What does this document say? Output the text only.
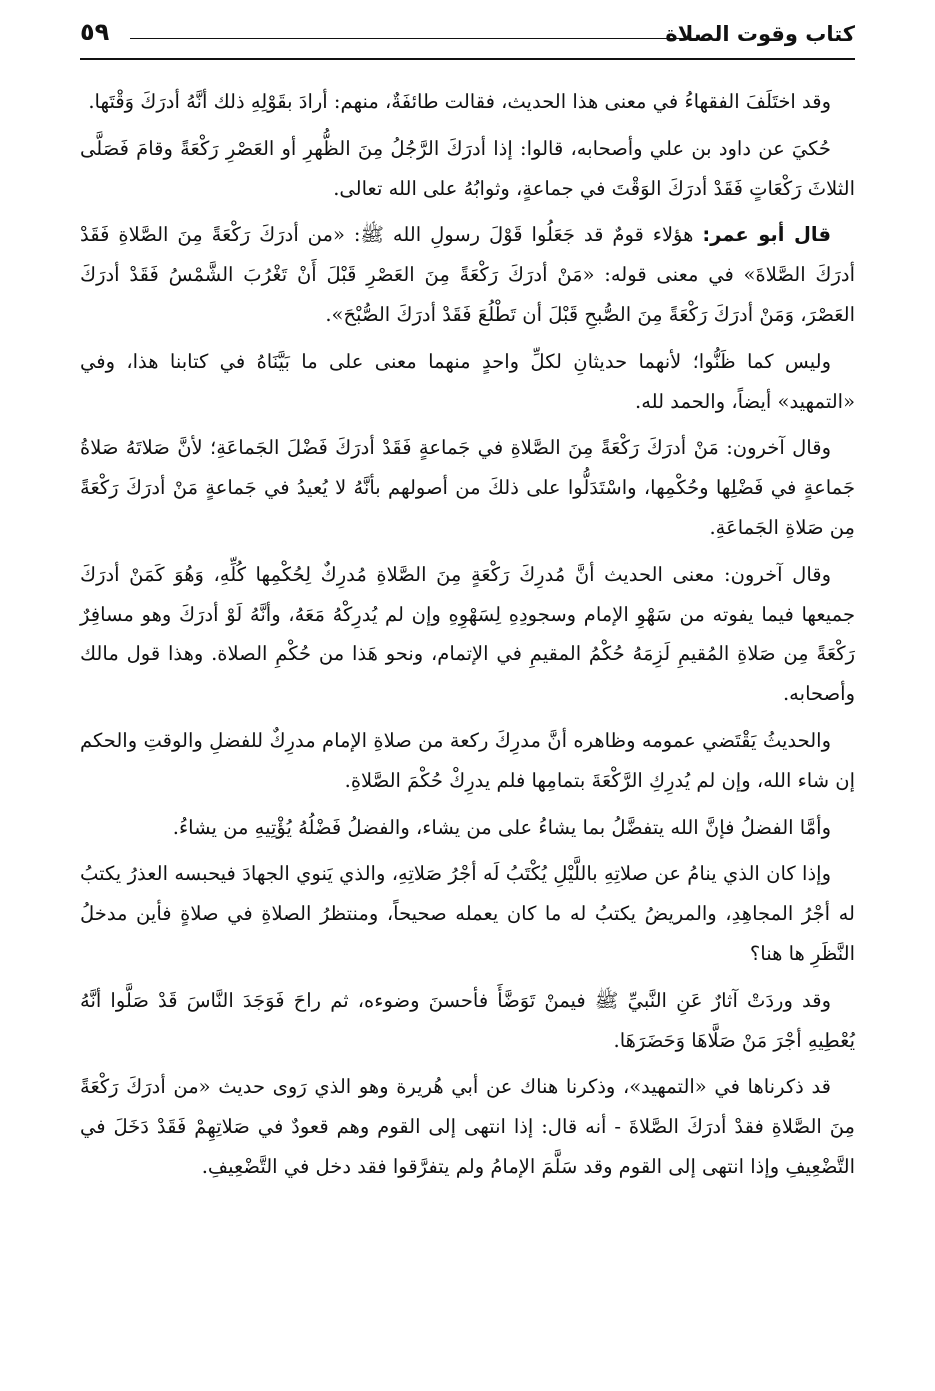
كتاب وقوت الصلاة
٥٩

وقد اختَلَفَ الفقهاءُ في معنى هذا الحديث، فقالت طائفَةٌ، منهم: أرادَ بقَوْلِهِ ذلك أنَّهُ أدرَكَ وَقْتَها.

حُكيَ عن داود بن علي وأصحابه، قالوا: إذا أدرَكَ الرَّجُلُ مِنَ الظُّهرِ أو العَصْرِ رَكْعَةً وقامَ فَصَلَّى الثلاثَ رَكْعَاتٍ فَقَدْ أدرَكَ الوَقْتَ في جماعةٍ، وثوابُهُ على الله تعالى.

قال أبو عمر: هؤلاء قومٌ قد جَعَلُوا قَوْلَ رسولِ الله ﷺ: «من أدرَكَ رَكْعَةً مِنَ الصَّلاةِ فَقَدْ أدرَكَ الصَّلاةَ» في معنى قوله: «مَنْ أدرَكَ رَكْعَةً مِنَ العَصْرِ قَبْلَ أَنْ تَغْرُبَ الشَّمْسُ فَقَدْ أدرَكَ العَصْرَ، وَمَنْ أدرَكَ رَكْعَةً مِنَ الصُّبحِ قَبْلَ أن تَطْلُعَ فَقَدْ أدرَكَ الصُّبْحَ».

وليس كما ظَنُّوا؛ لأنهما حديثانِ لكلِّ واحدٍ منهما معنى على ما بَيَّنَاهُ في كتابنا هذا، وفي «التمهيد» أيضاً، والحمد لله.

وقال آخرون: مَنْ أدرَكَ رَكْعَةً مِنَ الصَّلاةِ في جَماعةٍ فَقَدْ أدرَكَ فَضْلَ الجَماعَةِ؛ لأنَّ صَلاتَهُ صَلاةُ جَماعةٍ في فَضْلِها وحُكْمِها، واسْتَدَلُّوا على ذلكَ من أصولهم بأنَّهُ لا يُعيدُ في جَماعةٍ مَنْ أدرَكَ رَكْعَةً مِن صَلاةِ الجَماعَةِ.

وقال آخرون: معنى الحديث أنَّ مُدرِكَ رَكْعَةٍ مِنَ الصَّلاةِ مُدرِكٌ لِحُكْمِها كُلِّهِ، وَهُوَ كَمَنْ أدرَكَ جميعها فيما يفوته من سَهْوِ الإمام وسجودِهِ لِسَهْوِهِ وإن لم يُدرِكْهُ مَعَهُ، وأنَّهُ لَوْ أدرَكَ وهو مسافِرٌ رَكْعَةً مِن صَلاةِ المُقيمِ لَزِمَهُ حُكْمُ المقيمِ في الإتمام، ونحو هَذا من حُكْمِ الصلاة. وهذا قول مالك وأصحابه.

والحديثُ يَقْتَضي عمومه وظاهره أنَّ مدرِكَ ركعة من صلاةِ الإمام مدرِكٌ للفضلِ والوقتِ والحكم إن شاء الله، وإن لم يُدرِكِ الرَّكْعَةَ بتمامِها فلم يدرِكْ حُكْمَ الصَّلاةِ.

وأمَّا الفضلُ فإنَّ الله يتفضَّلُ بما يشاءُ على من يشاء، والفضلُ فَضْلُهُ يُؤْتِيهِ من يشاءُ.

وإذا كان الذي ينامُ عن صلاتِهِ باللَّيْلِ يُكْتَبُ لَه أجْرُ صَلاتِهِ، والذي يَنوي الجهادَ فيحبسه العذرُ يكتبُ له أجْرُ المجاهِدِ، والمريضُ يكتبُ له ما كان يعمله صحيحاً، ومنتظرُ الصلاةِ في صلاةٍ فأين مدخلُ النَّظَرِ ها هنا؟

وقد وردَتْ آثارٌ عَنِ النَّبيِّ ﷺ فيمنْ تَوَضَّأَ فأحسنَ وضوءه، ثم راحَ فَوَجَدَ النَّاسَ قَدْ صَلَّوا أنَّهُ يُعْطِيهِ أجْرَ مَنْ صَلَّاهَا وَحَضَرَهَا.

قد ذكرناها في «التمهيد»، وذكرنا هناك عن أبي هُريرة وهو الذي رَوى حديث «من أدرَكَ رَكْعَةً مِنَ الصَّلاةِ فقدْ أدرَكَ الصَّلاةَ - أنه قال: إذا انتهى إلى القوم وهم قعودٌ في صَلاتِهِمْ فَقَدْ دَخَلَ في التَّضْعِيفِ وإذا انتهى إلى القوم وقد سَلَّمَ الإمامُ ولم يتفرَّقوا فقد دخل في التَّضْعِيفِ.
